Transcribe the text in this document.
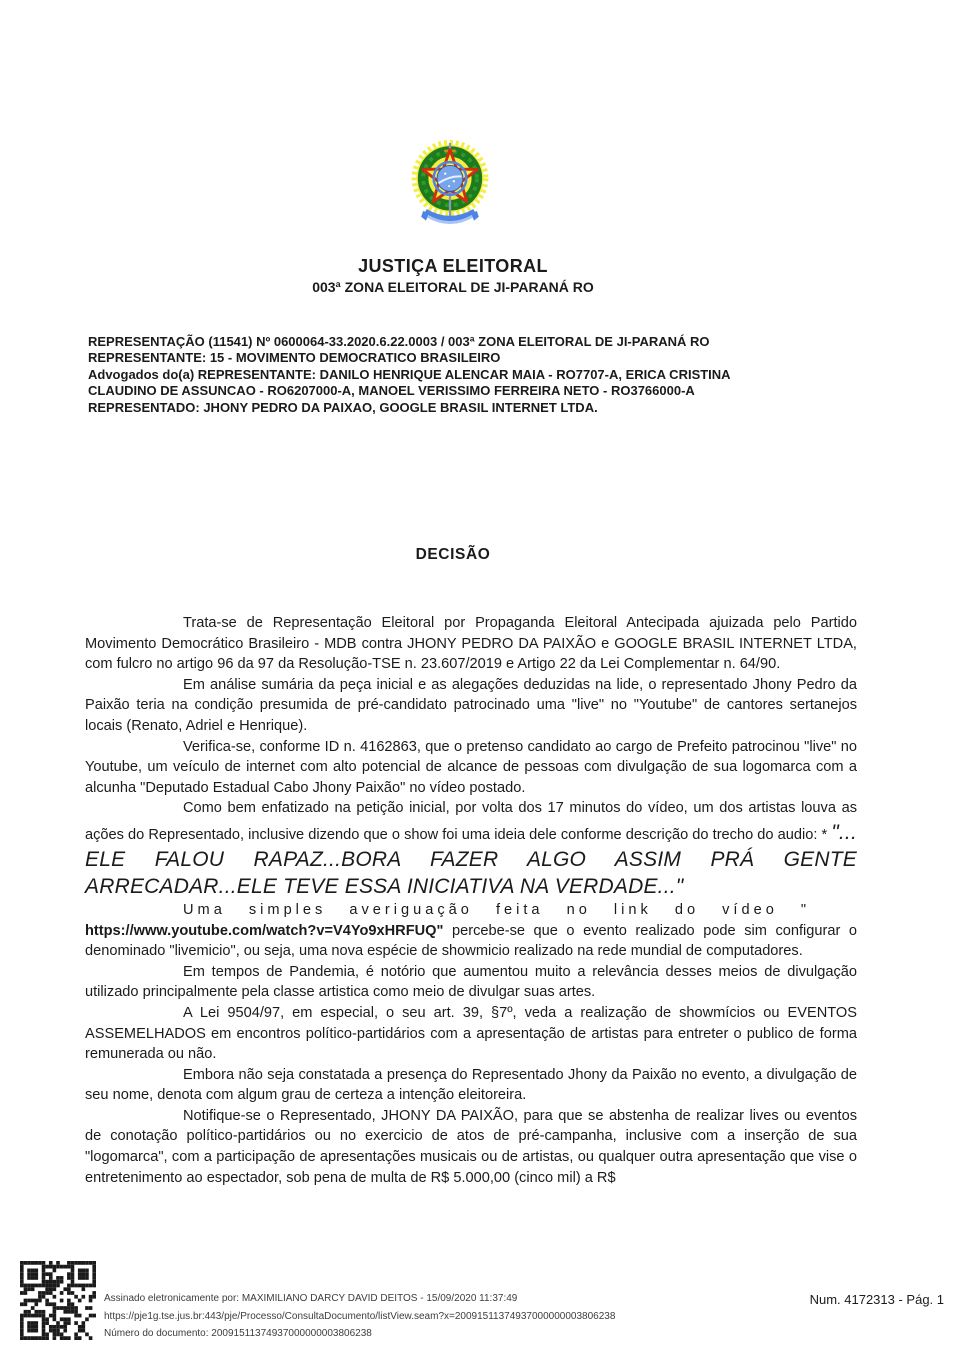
JUSTIÇA ELEITORAL
003ª ZONA ELEITORAL DE JI-PARANÁ RO
REPRESENTAÇÃO (11541) Nº 0600064-33.2020.6.22.0003 / 003ª ZONA ELEITORAL DE JI-PARANÁ RO
REPRESENTANTE: 15 - MOVIMENTO DEMOCRATICO BRASILEIRO
Advogados do(a) REPRESENTANTE: DANILO HENRIQUE ALENCAR MAIA - RO7707-A, ERICA CRISTINA CLAUDINO DE ASSUNCAO - RO6207000-A, MANOEL VERISSIMO FERREIRA NETO - RO3766000-A
REPRESENTADO: JHONY PEDRO DA PAIXAO, GOOGLE BRASIL INTERNET LTDA.
DECISÃO
Trata-se de Representação Eleitoral por Propaganda Eleitoral Antecipada ajuizada pelo Partido Movimento Democrático Brasileiro - MDB contra JHONY PEDRO DA PAIXÃO e GOOGLE BRASIL INTERNET LTDA, com fulcro no artigo 96 da 97 da Resolução-TSE n. 23.607/2019 e Artigo 22 da Lei Complementar n. 64/90.
Em análise sumária da peça inicial e as alegações deduzidas na lide, o representado Jhony Pedro da Paixão teria na condição presumida de pré-candidato patrocinado uma "live" no "Youtube" de cantores sertanejos locais (Renato, Adriel e Henrique).
Verifica-se, conforme ID n. 4162863, que o pretenso candidato ao cargo de Prefeito patrocinou "live" no Youtube, um veículo de internet com alto potencial de alcance de pessoas com divulgação de sua logomarca com a alcunha "Deputado Estadual Cabo Jhony Paixão" no vídeo postado.
Como bem enfatizado na petição inicial, por volta dos 17 minutos do vídeo, um dos artistas louva as ações do Representado, inclusive dizendo que o show foi uma ideia dele conforme descrição do trecho do audio: * "... ELE FALOU RAPAZ...BORA FAZER ALGO ASSIM PRÁ GENTE ARRECADAR...ELE TEVE ESSA INICIATIVA NA VERDADE..."
Uma simples averiguação feita no link do vídeo "
https://www.youtube.com/watch?v=V4Yo9xHRFUQ" percebe-se que o evento realizado pode sim configurar o denominado "livemicio", ou seja, uma nova espécie de showmicio realizado na rede mundial de computadores.
Em tempos de Pandemia, é notório que aumentou muito a relevância desses meios de divulgação utilizado principalmente pela classe artistica como meio de divulgar suas artes.
A Lei 9504/97, em especial, o seu art. 39, §7º, veda a realização de showmícios ou EVENTOS ASSEMELHADOS em encontros político-partidários com a apresentação de artistas para entreter o publico de forma remunerada ou não.
Embora não seja constatada a presença do Representado Jhony da Paixão no evento, a divulgação de seu nome, denota com algum grau de certeza a intenção eleitoreira.
Notifique-se o Representado, JHONY DA PAIXÃO, para que se abstenha de realizar lives ou eventos de conotação político-partidários ou no exercicio de atos de pré-campanha, inclusive com a inserção de sua "logomarca", com a participação de apresentações musicais ou de artistas, ou qualquer outra apresentação que vise o entretenimento ao espectador, sob pena de multa de R$ 5.000,00 (cinco mil) a R$
Assinado eletronicamente por: MAXIMILIANO DARCY DAVID DEITOS - 15/09/2020 11:37:49
https://pje1g.tse.jus.br:443/pje/Processo/ConsultaDocumento/listView.seam?x=20091511374937000000003806238
Número do documento: 20091511374937000000003806238
Num. 4172313 - Pág. 1
